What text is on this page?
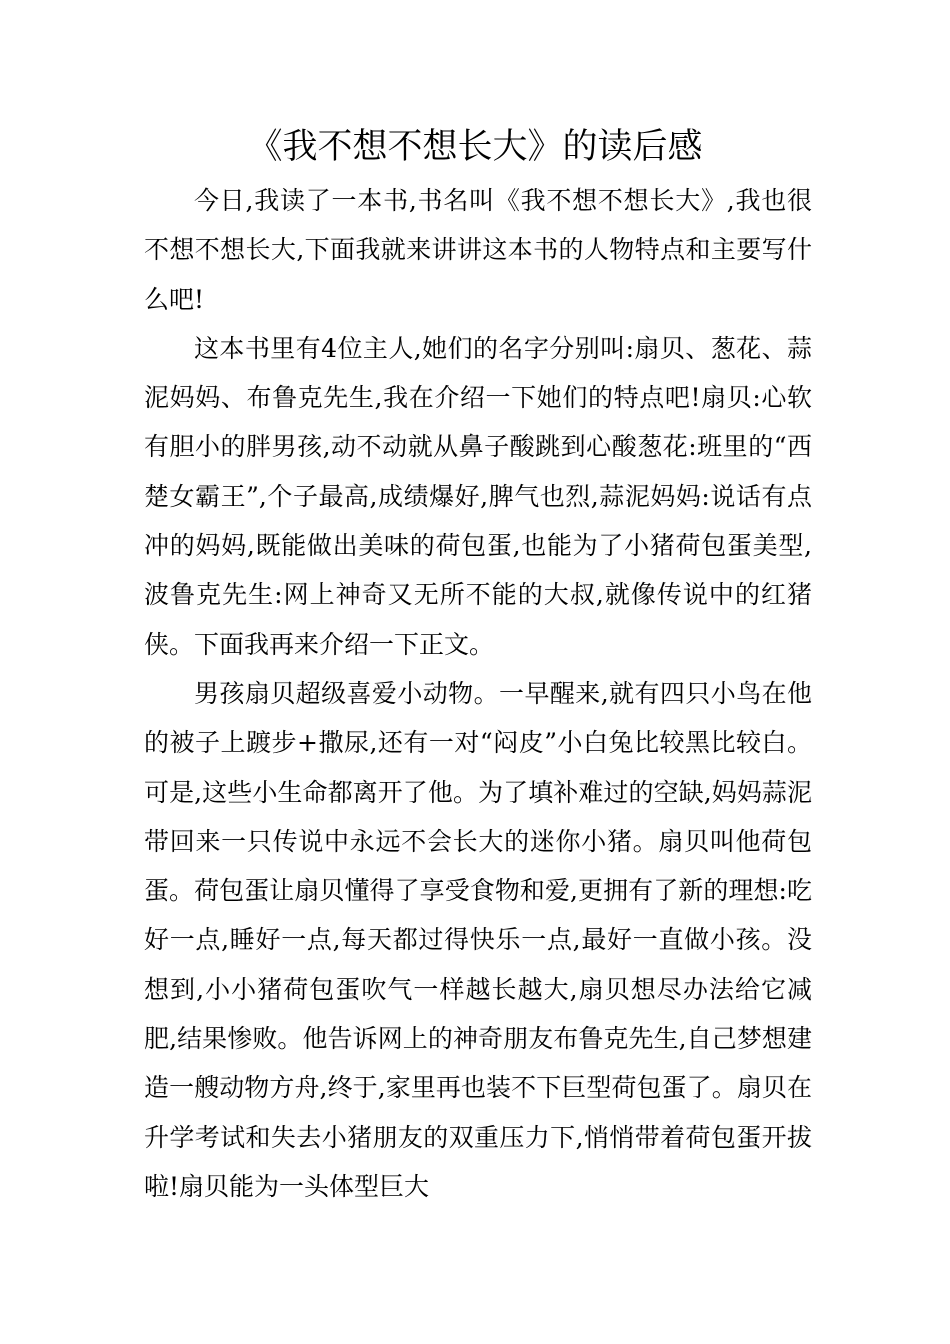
《我不想不想长大》的读后感

今日,我读了一本书,书名叫《我不想不想长大》,我也很不想不想长大,下面我就来讲讲这本书的人物特点和主要写什么吧!

这本书里有4位主人,她们的名字分别叫:扇贝、葱花、蒜泥妈妈、布鲁克先生,我在介绍一下她们的特点吧!扇贝:心软有胆小的胖男孩,动不动就从鼻子酸跳到心酸葱花:班里的“西楚女霸王”,个子最高,成绩爆好,脾气也烈,蒜泥妈妈:说话有点冲的妈妈,既能做出美味的荷包蛋,也能为了小猪荷包蛋美型,波鲁克先生:网上神奇又无所不能的大叔,就像传说中的红猪侠。下面我再来介绍一下正文。

男孩扇贝超级喜爱小动物。一早醒来,就有四只小鸟在他的被子上踱步+撒尿,还有一对“闷皮”小白兔比较黑比较白。可是,这些小生命都离开了他。为了填补难过的空缺,妈妈蒜泥带回来一只传说中永远不会长大的迷你小猪。扇贝叫他荷包蛋。荷包蛋让扇贝懂得了享受食物和爱,更拥有了新的理想:吃好一点,睡好一点,每天都过得快乐一点,最好一直做小孩。没想到,小小猪荷包蛋吹气一样越长越大,扇贝想尽办法给它减肥,结果惨败。他告诉网上的神奇朋友布鲁克先生,自己梦想建造一艘动物方舟,终于,家里再也装不下巨型荷包蛋了。扇贝在升学考试和失去小猪朋友的双重压力下,悄悄带着荷包蛋开拔啦!扇贝能为一头体型巨大
